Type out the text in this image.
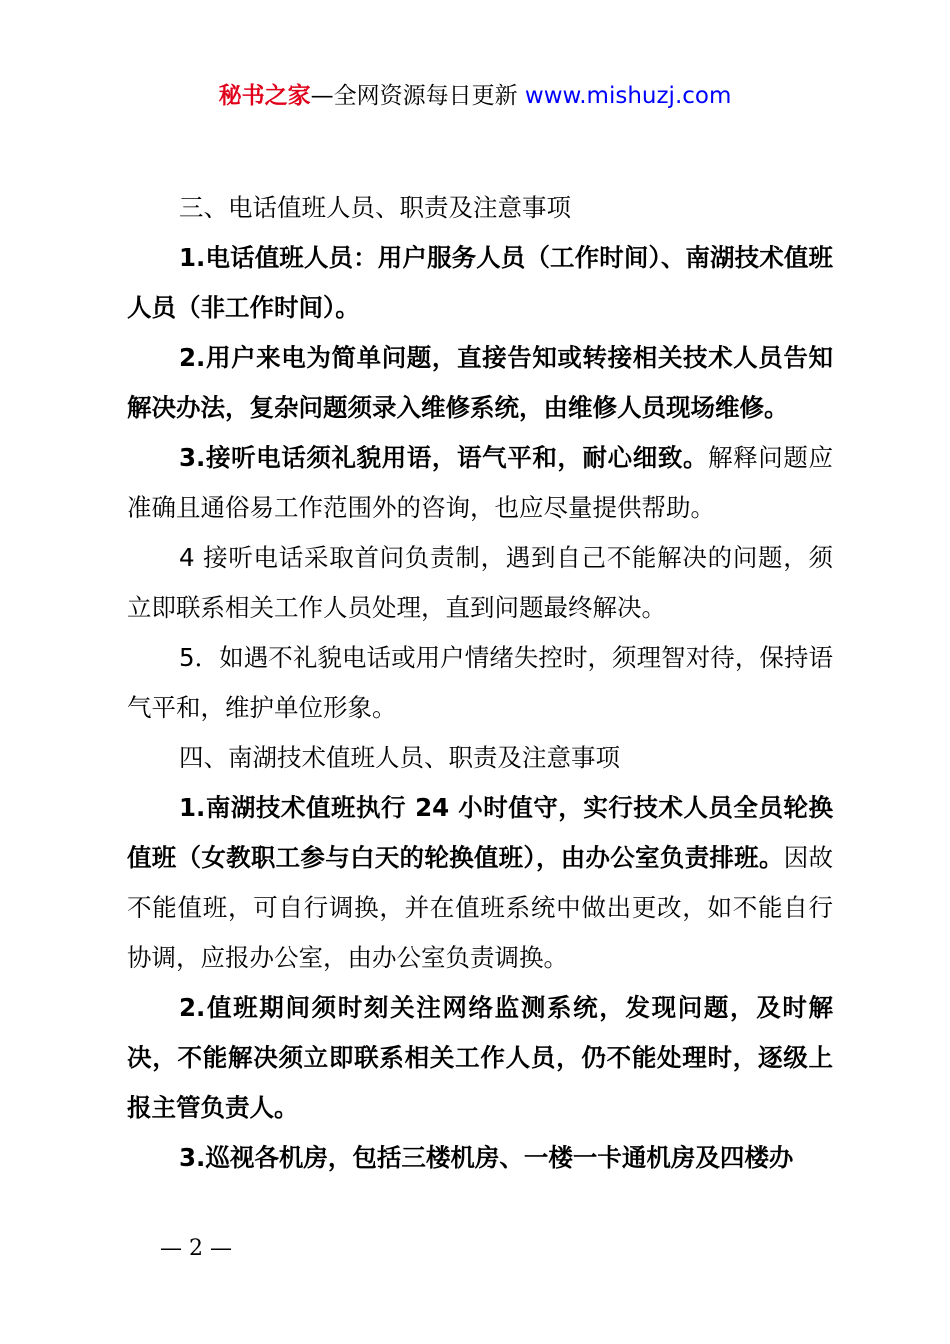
秘书之家—全网资源每日更新 www.mishuzj.com

三、电话值班人员、职责及注意事项

1.电话值班人员：用户服务人员（工作时间）、南湖技术值班人员（非工作时间）。

2.用户来电为简单问题，直接告知或转接相关技术人员告知解决办法，复杂问题须录入维修系统，由维修人员现场维修。

3.接听电话须礼貌用语，语气平和，耐心细致。解释问题应准确且通俗易工作范围外的咨询，也应尽量提供帮助。

4 接听电话采取首问负责制，遇到自己不能解决的问题，须立即联系相关工作人员处理，直到问题最终解决。

5．如遇不礼貌电话或用户情绪失控时，须理智对待，保持语气平和，维护单位形象。

四、南湖技术值班人员、职责及注意事项

1.南湖技术值班执行 24 小时值守，实行技术人员全员轮换值班（女教职工参与白天的轮换值班），由办公室负责排班。因故不能值班，可自行调换，并在值班系统中做出更改，如不能自行协调，应报办公室，由办公室负责调换。

2.值班期间须时刻关注网络监测系统，发现问题，及时解决，不能解决须立即联系相关工作人员，仍不能处理时，逐级上报主管负责人。

3.巡视各机房，包括三楼机房、一楼一卡通机房及四楼办

— 2 —
